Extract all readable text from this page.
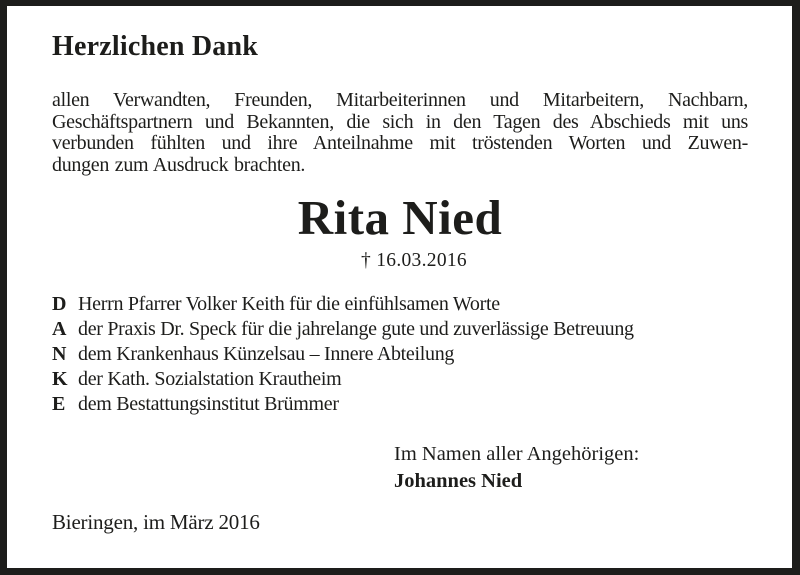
Herzlichen Dank
allen Verwandten, Freunden, Mitarbeiterinnen und Mitarbeitern, Nachbarn,
Geschäftspartnern und Bekannten, die sich in den Tagen des Abschieds mit uns
verbunden fühlten und ihre Anteilnahme mit tröstenden Worten und Zuwen-
dungen zum Ausdruck brachten.
Rita Nied
† 16.03.2016
D Herrn Pfarrer Volker Keith für die einfühlsamen Worte
A der Praxis Dr. Speck für die jahrelange gute und zuverlässige Betreuung
N dem Krankenhaus Künzelsau – Innere Abteilung
K der Kath. Sozialstation Krautheim
E dem Bestattungsinstitut Brümmer
Im Namen aller Angehörigen:
Johannes Nied
Bieringen, im März 2016
